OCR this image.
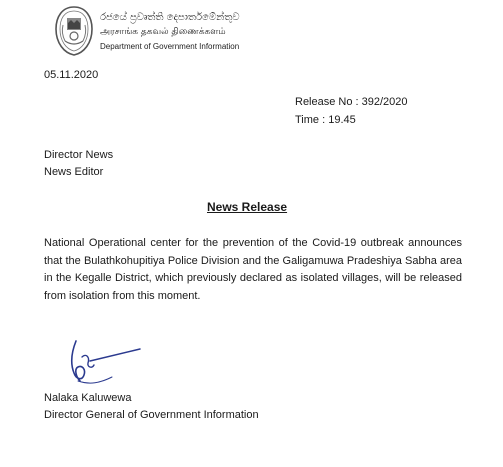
රජයේ ප්‍රවෘත්ති දෙපාර්තමේන්තුව
அரசாங்க தகவல் திணைக்களம்
Department of Government Information
05.11.2020
Release No : 392/2020
Time : 19.45
Director News
News Editor
News Release
National Operational center for the prevention of the Covid-19 outbreak announces that the Bulathkohupitiya Police Division and the Galigamuwa Pradeshiya Sabha area in the Kegalle District, which previously declared as isolated villages, will be released from isolation from this moment.
Nalaka Kaluwewa
Director General of Government Information
